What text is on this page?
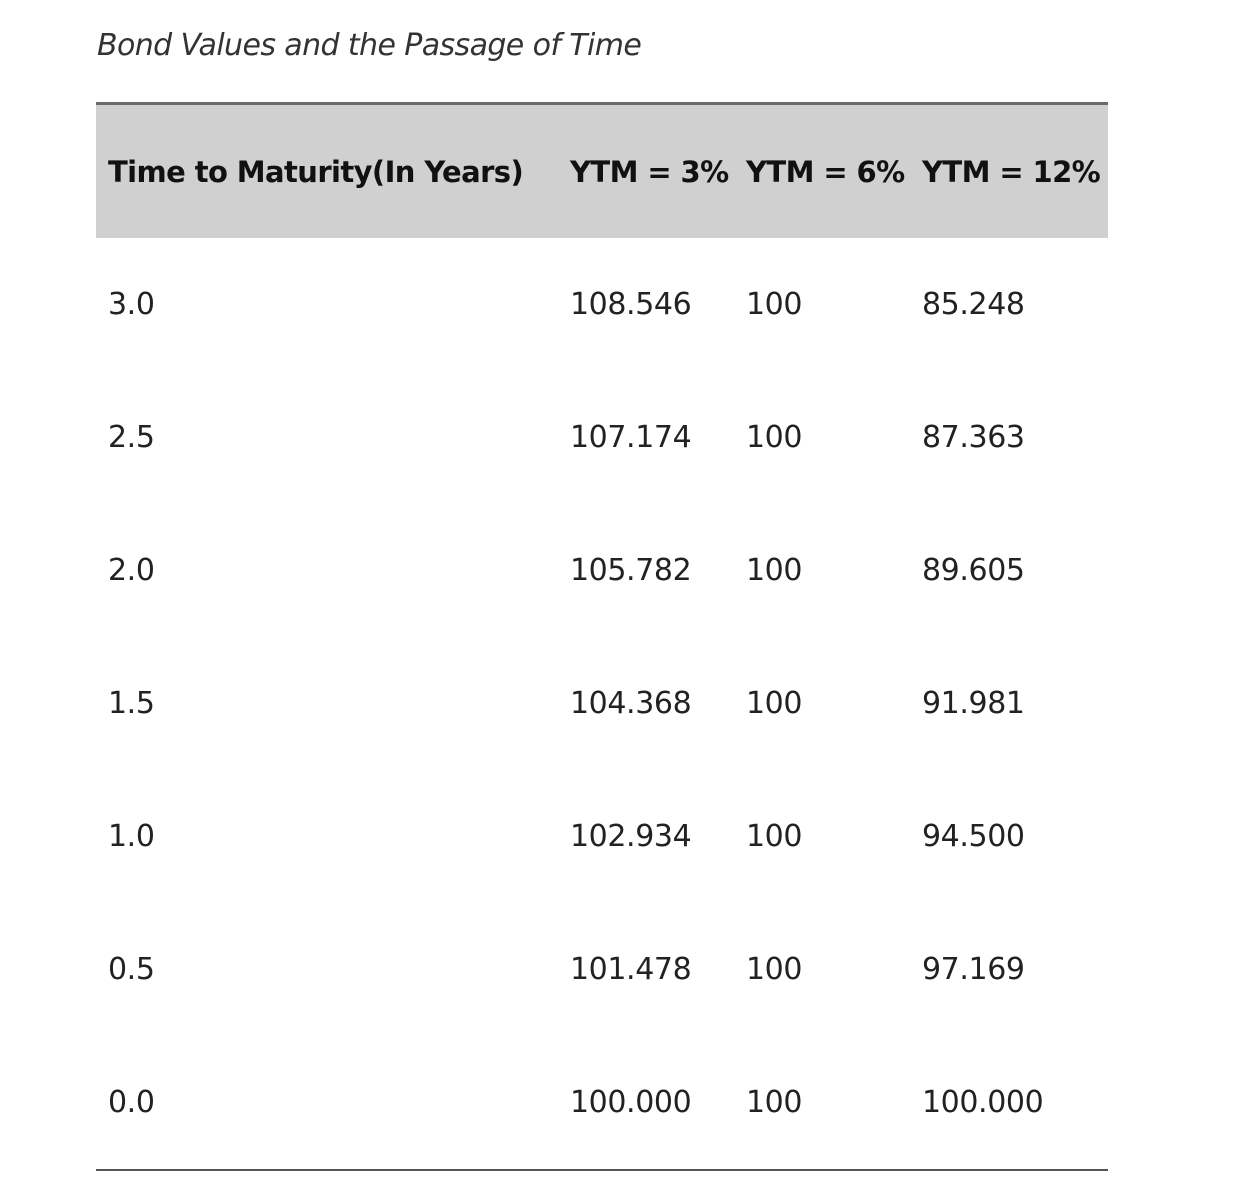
Bond Values and the Passage of Time
Time to Maturity(In Years)	YTM = 3%	YTM = 6%	YTM = 12%
3.0	108.546	100	85.248
2.5	107.174	100	87.363
2.0	105.782	100	89.605
1.5	104.368	100	91.981
1.0	102.934	100	94.500
0.5	101.478	100	97.169
0.0	100.000	100	100.000
